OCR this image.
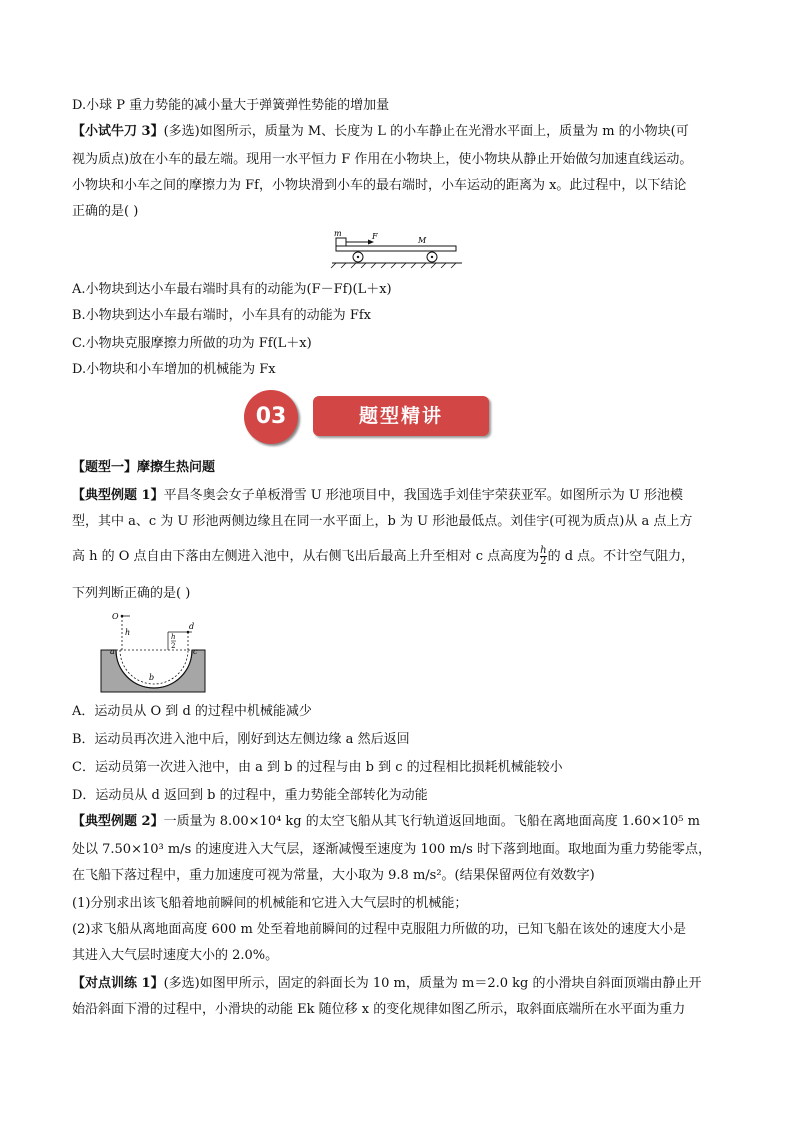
D.小球 P 重力势能的减小量大于弹簧弹性势能的增加量
【小试牛刀 3】(多选)如图所示，质量为 M、长度为 L 的小车静止在光滑水平面上，质量为 m 的小物块(可
视为质点)放在小车的最左端。现用一水平恒力 F 作用在小物块上，使小物块从静止开始做匀加速直线运动。
小物块和小车之间的摩擦力为 Ff，小物块滑到小车的最右端时，小车运动的距离为 x。此过程中，以下结论
正确的是( )
m	F	M
A.小物块到达小车最右端时具有的动能为(F－Ff)(L＋x)
B.小物块到达小车最右端时，小车具有的动能为 Ffx
C.小物块克服摩擦力所做的功为 Ff(L＋x)
D.小物块和小车增加的机械能为 Fx
03	题型精讲
【题型一】摩擦生热问题
【典型例题 1】平昌冬奥会女子单板滑雪 U 形池项目中，我国选手刘佳宇荣获亚军。如图所示为 U 形池模
型，其中 a、c 为 U 形池两侧边缘且在同一水平面上，b 为 U 形池最低点。刘佳宇(可视为质点)从 a 点上方
高 h 的 O 点自由下落由左侧进入池中，从右侧飞出后最高上升至相对 c 点高度为 $\frac{h}{2}$ 的 d 点。不计空气阻力，
下列判断正确的是( )
O
h	h
2
d
a
b
c
A．运动员从 O 到 d 的过程中机械能减少
B．运动员再次进入池中后，刚好到达左侧边缘 a 然后返回
C．运动员第一次进入池中，由 a 到 b 的过程与由 b 到 c 的过程相比损耗机械能较小
D．运动员从 d 返回到 b 的过程中，重力势能全部转化为动能
【典型例题 2】一质量为 8.00×10⁴ kg 的太空飞船从其飞行轨道返回地面。飞船在离地面高度 1.60×10⁵ m
处以 7.50×10³ m/s 的速度进入大气层，逐渐减慢至速度为 100 m/s 时下落到地面。取地面为重力势能零点，
在飞船下落过程中，重力加速度可视为常量，大小取为 9.8 m/s²。(结果保留两位有效数字)
(1)分别求出该飞船着地前瞬间的机械能和它进入大气层时的机械能；
(2)求飞船从离地面高度 600 m 处至着地前瞬间的过程中克服阻力所做的功，已知飞船在该处的速度大小是
其进入大气层时速度大小的 2.0%。
【对点训练 1】(多选)如图甲所示，固定的斜面长为 10 m，质量为 m＝2.0 kg 的小滑块自斜面顶端由静止开
始沿斜面下滑的过程中，小滑块的动能 Ek 随位移 x 的变化规律如图乙所示，取斜面底端所在水平面为重力
